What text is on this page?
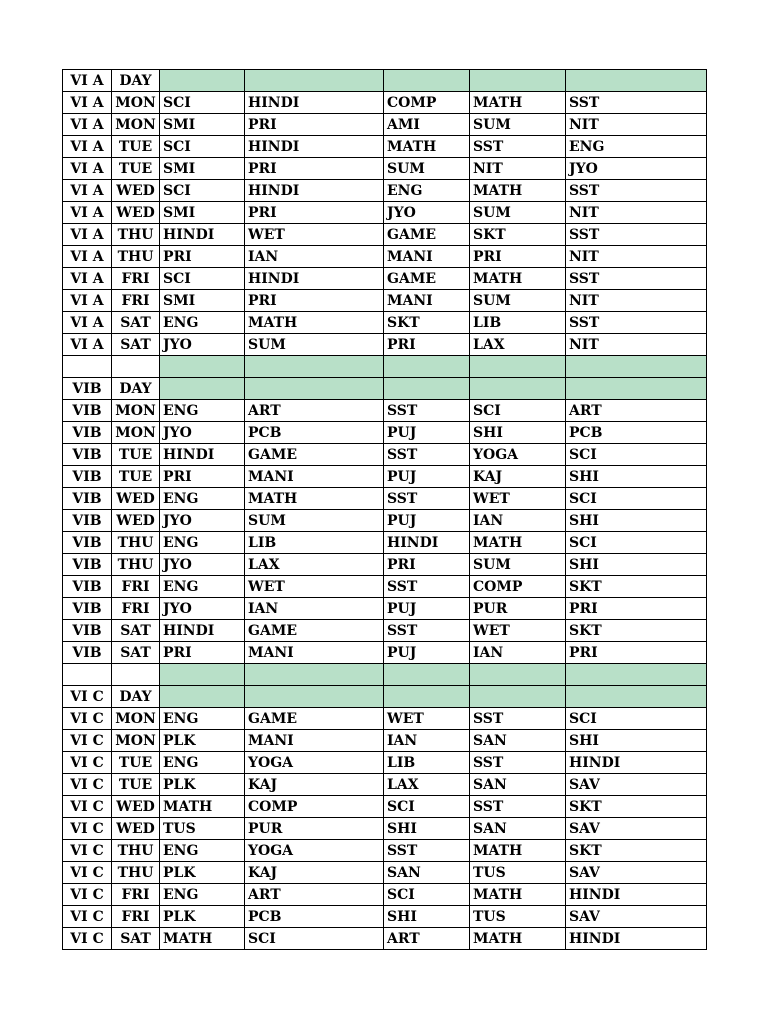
VI A	DAY					
VI A	MON	SCI	HINDI	COMP	MATH	SST
VI A	MON	SMI	PRI	AMI	SUM	NIT
VI A	TUE	SCI	HINDI	MATH	SST	ENG
VI A	TUE	SMI	PRI	SUM	NIT	JYO
VI A	WED	SCI	HINDI	ENG	MATH	SST
VI A	WED	SMI	PRI	JYO	SUM	NIT
VI A	THU	HINDI	WET	GAME	SKT	SST
VI A	THU	PRI	IAN	MANI	PRI	NIT
VI A	FRI	SCI	HINDI	GAME	MATH	SST
VI A	FRI	SMI	PRI	MANI	SUM	NIT
VI A	SAT	ENG	MATH	SKT	LIB	SST
VI A	SAT	JYO	SUM	PRI	LAX	NIT

VIB	DAY					
VIB	MON	ENG	ART	SST	SCI	ART
VIB	MON	JYO	PCB	PUJ	SHI	PCB
VIB	TUE	HINDI	GAME	SST	YOGA	SCI
VIB	TUE	PRI	MANI	PUJ	KAJ	SHI
VIB	WED	ENG	MATH	SST	WET	SCI
VIB	WED	JYO	SUM	PUJ	IAN	SHI
VIB	THU	ENG	LIB	HINDI	MATH	SCI
VIB	THU	JYO	LAX	PRI	SUM	SHI
VIB	FRI	ENG	WET	SST	COMP	SKT
VIB	FRI	JYO	IAN	PUJ	PUR	PRI
VIB	SAT	HINDI	GAME	SST	WET	SKT
VIB	SAT	PRI	MANI	PUJ	IAN	PRI

VI C	DAY					
VI C	MON	ENG	GAME	WET	SST	SCI
VI C	MON	PLK	MANI	IAN	SAN	SHI
VI C	TUE	ENG	YOGA	LIB	SST	HINDI
VI C	TUE	PLK	KAJ	LAX	SAN	SAV
VI C	WED	MATH	COMP	SCI	SST	SKT
VI C	WED	TUS	PUR	SHI	SAN	SAV
VI C	THU	ENG	YOGA	SST	MATH	SKT
VI C	THU	PLK	KAJ	SAN	TUS	SAV
VI C	FRI	ENG	ART	SCI	MATH	HINDI
VI C	FRI	PLK	PCB	SHI	TUS	SAV
VI C	SAT	MATH	SCI	ART	MATH	HINDI
